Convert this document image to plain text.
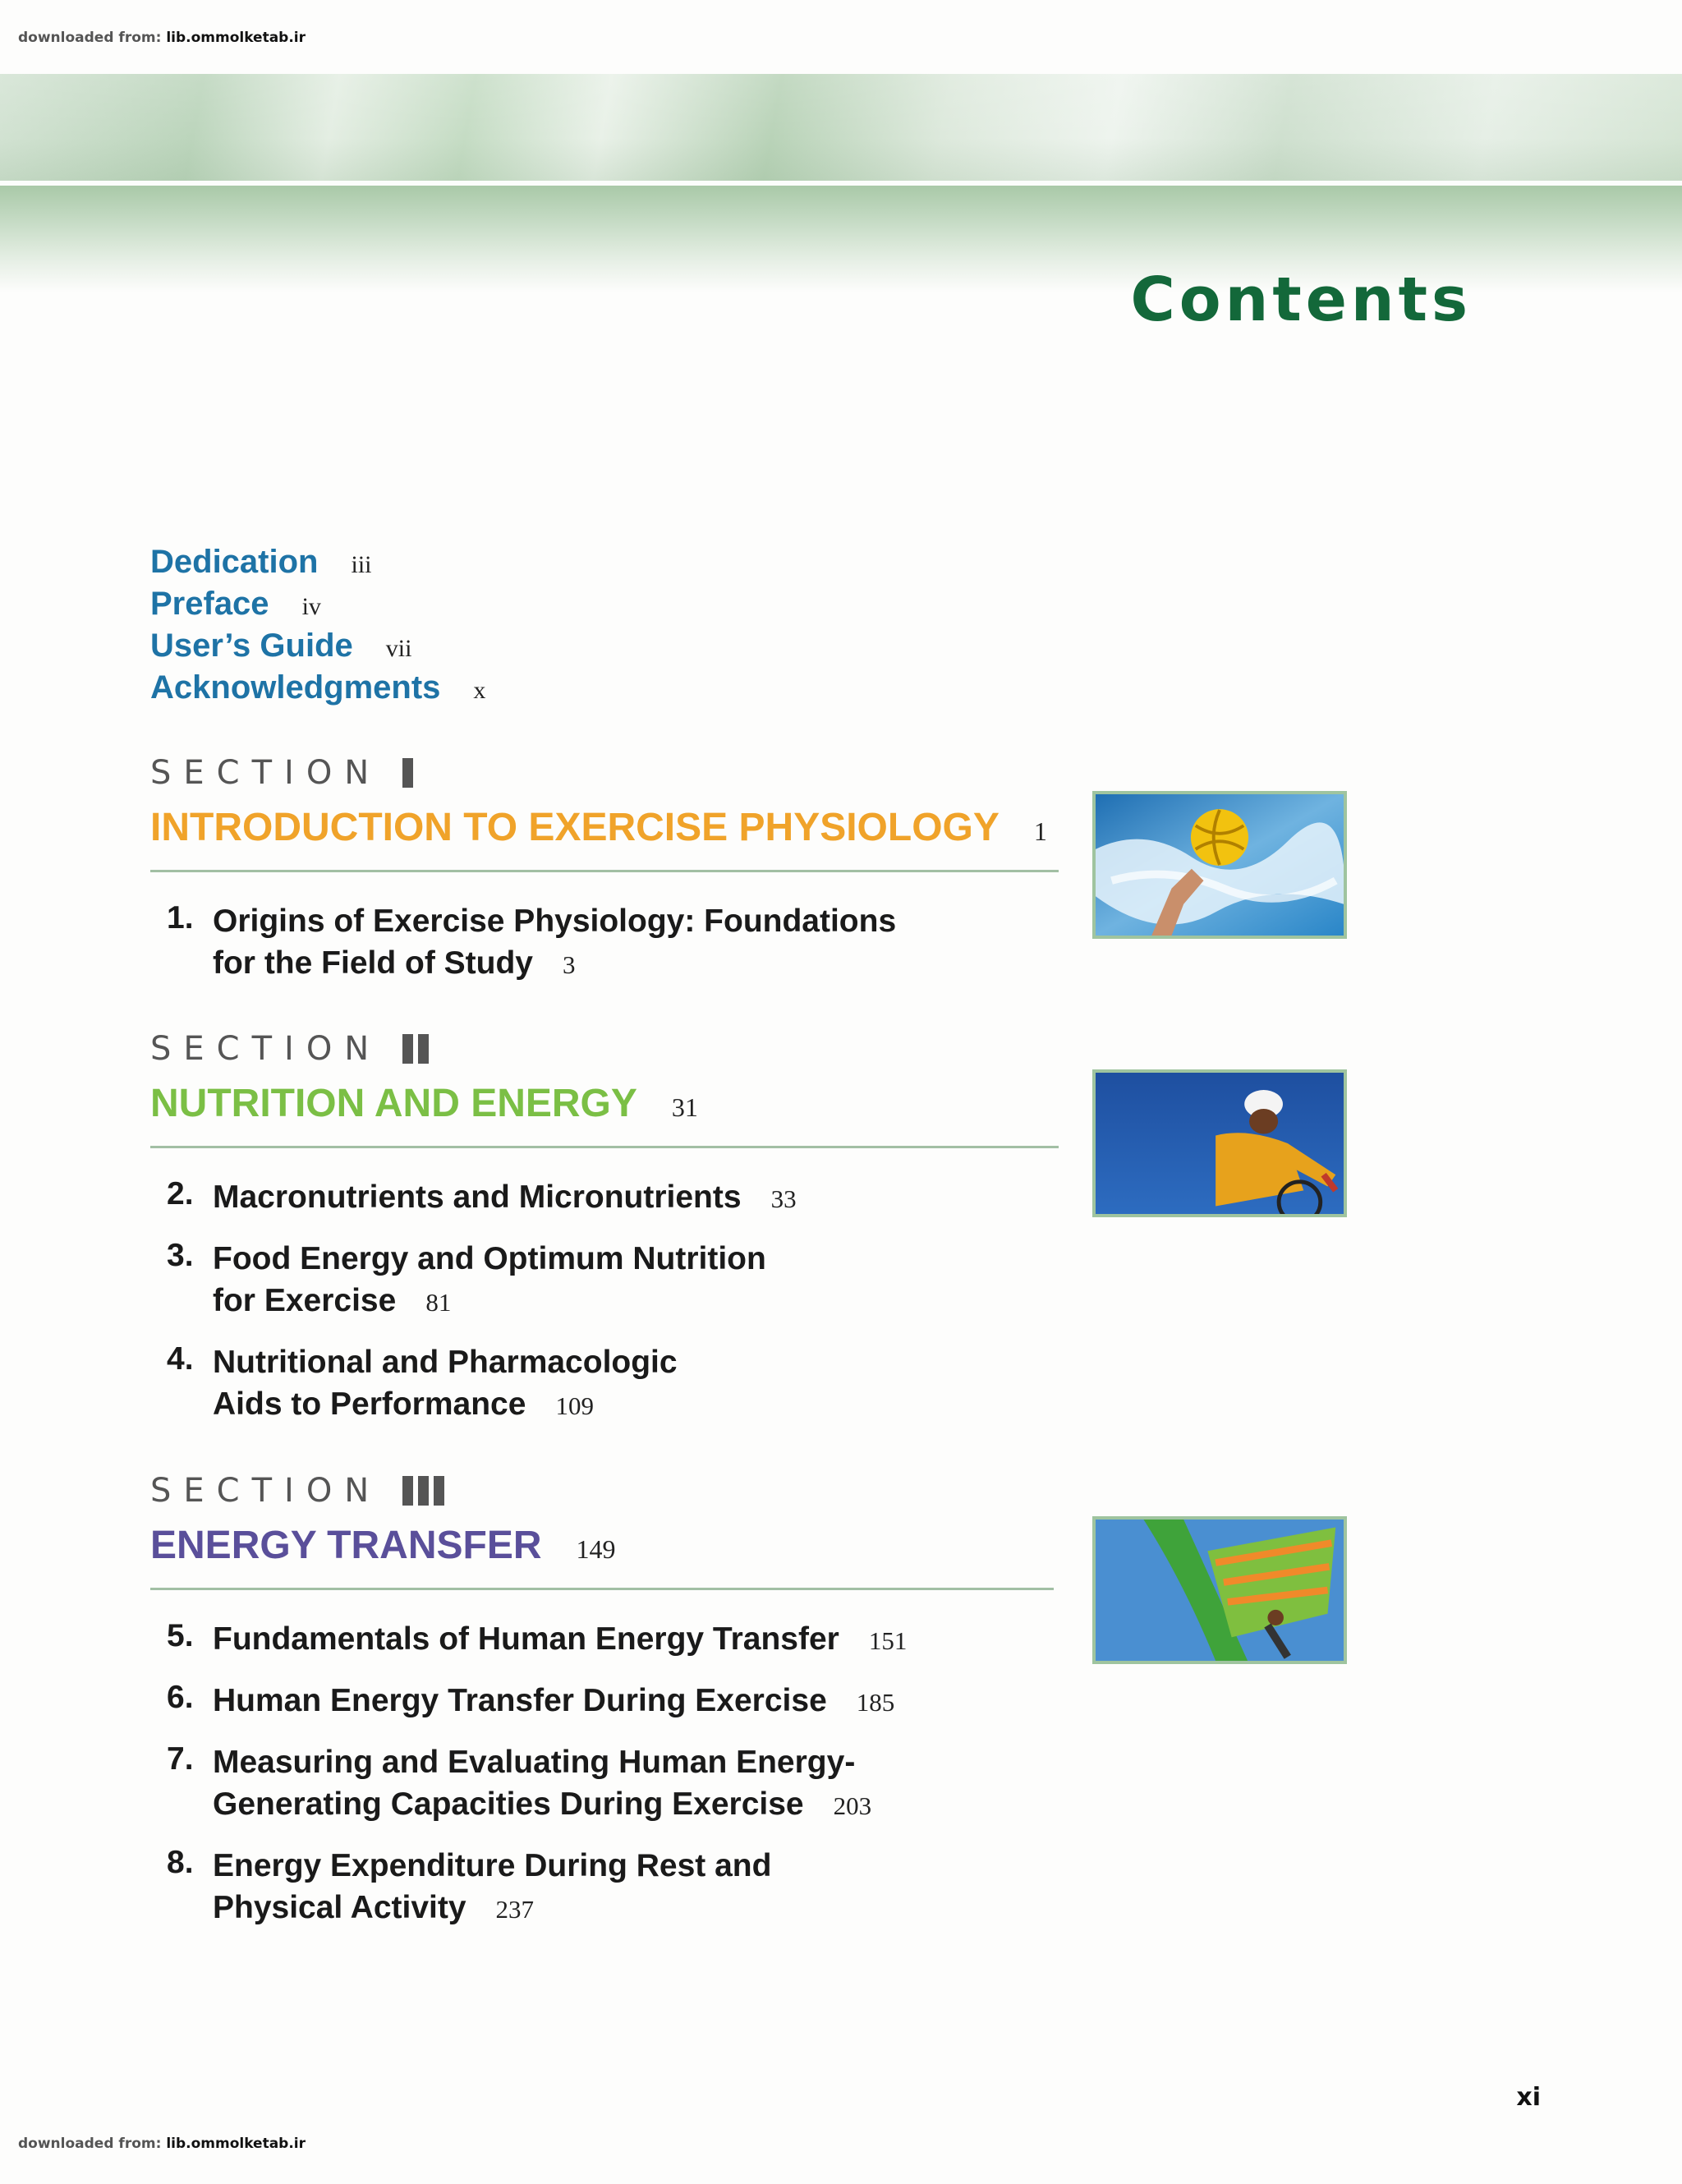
downloaded from: lib.ommolketab.ir
Contents
Dedication iii
Preface iv
User’s Guide vii
Acknowledgments x
SECTION
INTRODUCTION TO EXERCISE PHYSIOLOGY 1
1. Origins of Exercise Physiology: Foundations
for the Field of Study 3
SECTION
NUTRITION AND ENERGY 31
2. Macronutrients and Micronutrients 33
3. Food Energy and Optimum Nutrition
for Exercise 81
4. Nutritional and Pharmacologic
Aids to Performance 109
SECTION
ENERGY TRANSFER 149
5. Fundamentals of Human Energy Transfer 151
6. Human Energy Transfer During Exercise 185
7. Measuring and Evaluating Human Energy-
Generating Capacities During Exercise 203
8. Energy Expenditure During Rest and
Physical Activity 237
xi
downloaded from: lib.ommolketab.ir
